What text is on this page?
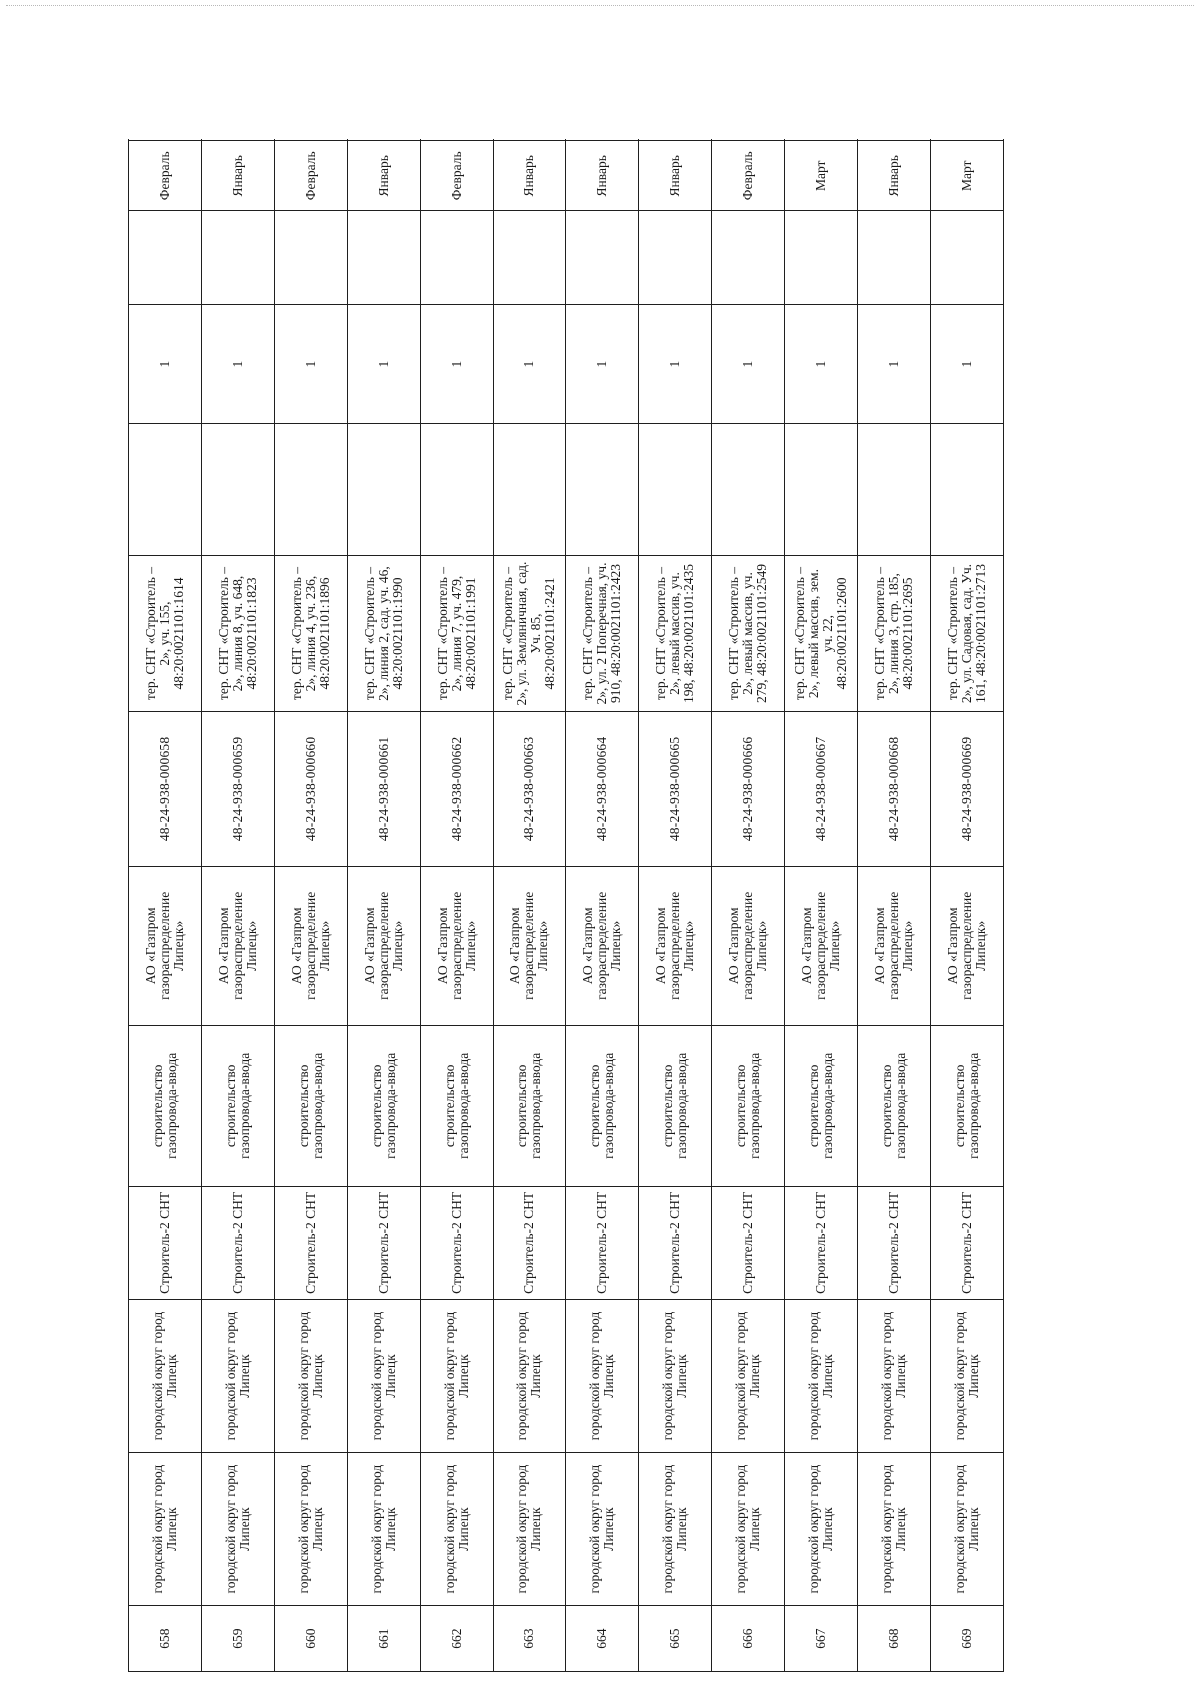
658	городской округ город Липецк	городской округ город Липецк	Строитель-2 СНТ	строительство газопровода-ввода	АО «Газпром газораспределение Липецк»	48-24-938-000658	тер. СНТ «Строитель – 2», уч. 155, 48:20:0021101:1614		1		Февраль	
659	городской округ город Липецк	городской округ город Липецк	Строитель-2 СНТ	строительство газопровода-ввода	АО «Газпром газораспределение Липецк»	48-24-938-000659	тер. СНТ «Строитель – 2», линия 8, уч. 648, 48:20:0021101:1823		1		Январь	
660	городской округ город Липецк	городской округ город Липецк	Строитель-2 СНТ	строительство газопровода-ввода	АО «Газпром газораспределение Липецк»	48-24-938-000660	тер. СНТ «Строитель – 2», линия 4, уч. 236, 48:20:0021101:1896		1		Февраль	
661	городской округ город Липецк	городской округ город Липецк	Строитель-2 СНТ	строительство газопровода-ввода	АО «Газпром газораспределение Липецк»	48-24-938-000661	тер. СНТ «Строитель – 2», линия 2, сад. уч. 46, 48:20:0021101:1990		1		Январь	
662	городской округ город Липецк	городской округ город Липецк	Строитель-2 СНТ	строительство газопровода-ввода	АО «Газпром газораспределение Липецк»	48-24-938-000662	тер. СНТ «Строитель – 2», линия 7, уч. 479, 48:20:0021101:1991		1		Февраль	
663	городской округ город Липецк	городской округ город Липецк	Строитель-2 СНТ	строительство газопровода-ввода	АО «Газпром газораспределение Липецк»	48-24-938-000663	тер. СНТ «Строитель – 2», ул. Земляничная, сад. Уч. 85, 48:20:0021101:2421		1		Январь	
664	городской округ город Липецк	городской округ город Липецк	Строитель-2 СНТ	строительство газопровода-ввода	АО «Газпром газораспределение Липецк»	48-24-938-000664	тер. СНТ «Строитель – 2», ул. 2 Поперечная, уч. 910, 48:20:0021101:2423		1		Январь	
665	городской округ город Липецк	городской округ город Липецк	Строитель-2 СНТ	строительство газопровода-ввода	АО «Газпром газораспределение Липецк»	48-24-938-000665	тер. СНТ «Строитель – 2», левый массив, уч. 198, 48:20:0021101:2435		1		Январь	
666	городской округ город Липецк	городской округ город Липецк	Строитель-2 СНТ	строительство газопровода-ввода	АО «Газпром газораспределение Липецк»	48-24-938-000666	тер. СНТ «Строитель – 2», левый массив, уч. 279, 48:20:0021101:2549		1		Февраль	
667	городской округ город Липецк	городской округ город Липецк	Строитель-2 СНТ	строительство газопровода-ввода	АО «Газпром газораспределение Липецк»	48-24-938-000667	тер. СНТ «Строитель – 2», левый массив, зем. уч. 22, 48:20:0021101:2600		1		Март	
668	городской округ город Липецк	городской округ город Липецк	Строитель-2 СНТ	строительство газопровода-ввода	АО «Газпром газораспределение Липецк»	48-24-938-000668	тер. СНТ «Строитель – 2», линия 3, стр. 185, 48:20:0021101:2695		1		Январь	
669	городской округ город Липецк	городской округ город Липецк	Строитель-2 СНТ	строительство газопровода-ввода	АО «Газпром газораспределение Липецк»	48-24-938-000669	тер. СНТ «Строитель – 2», ул. Садовая, сад. Уч. 161, 48:20:0021101:2713		1		Март	
